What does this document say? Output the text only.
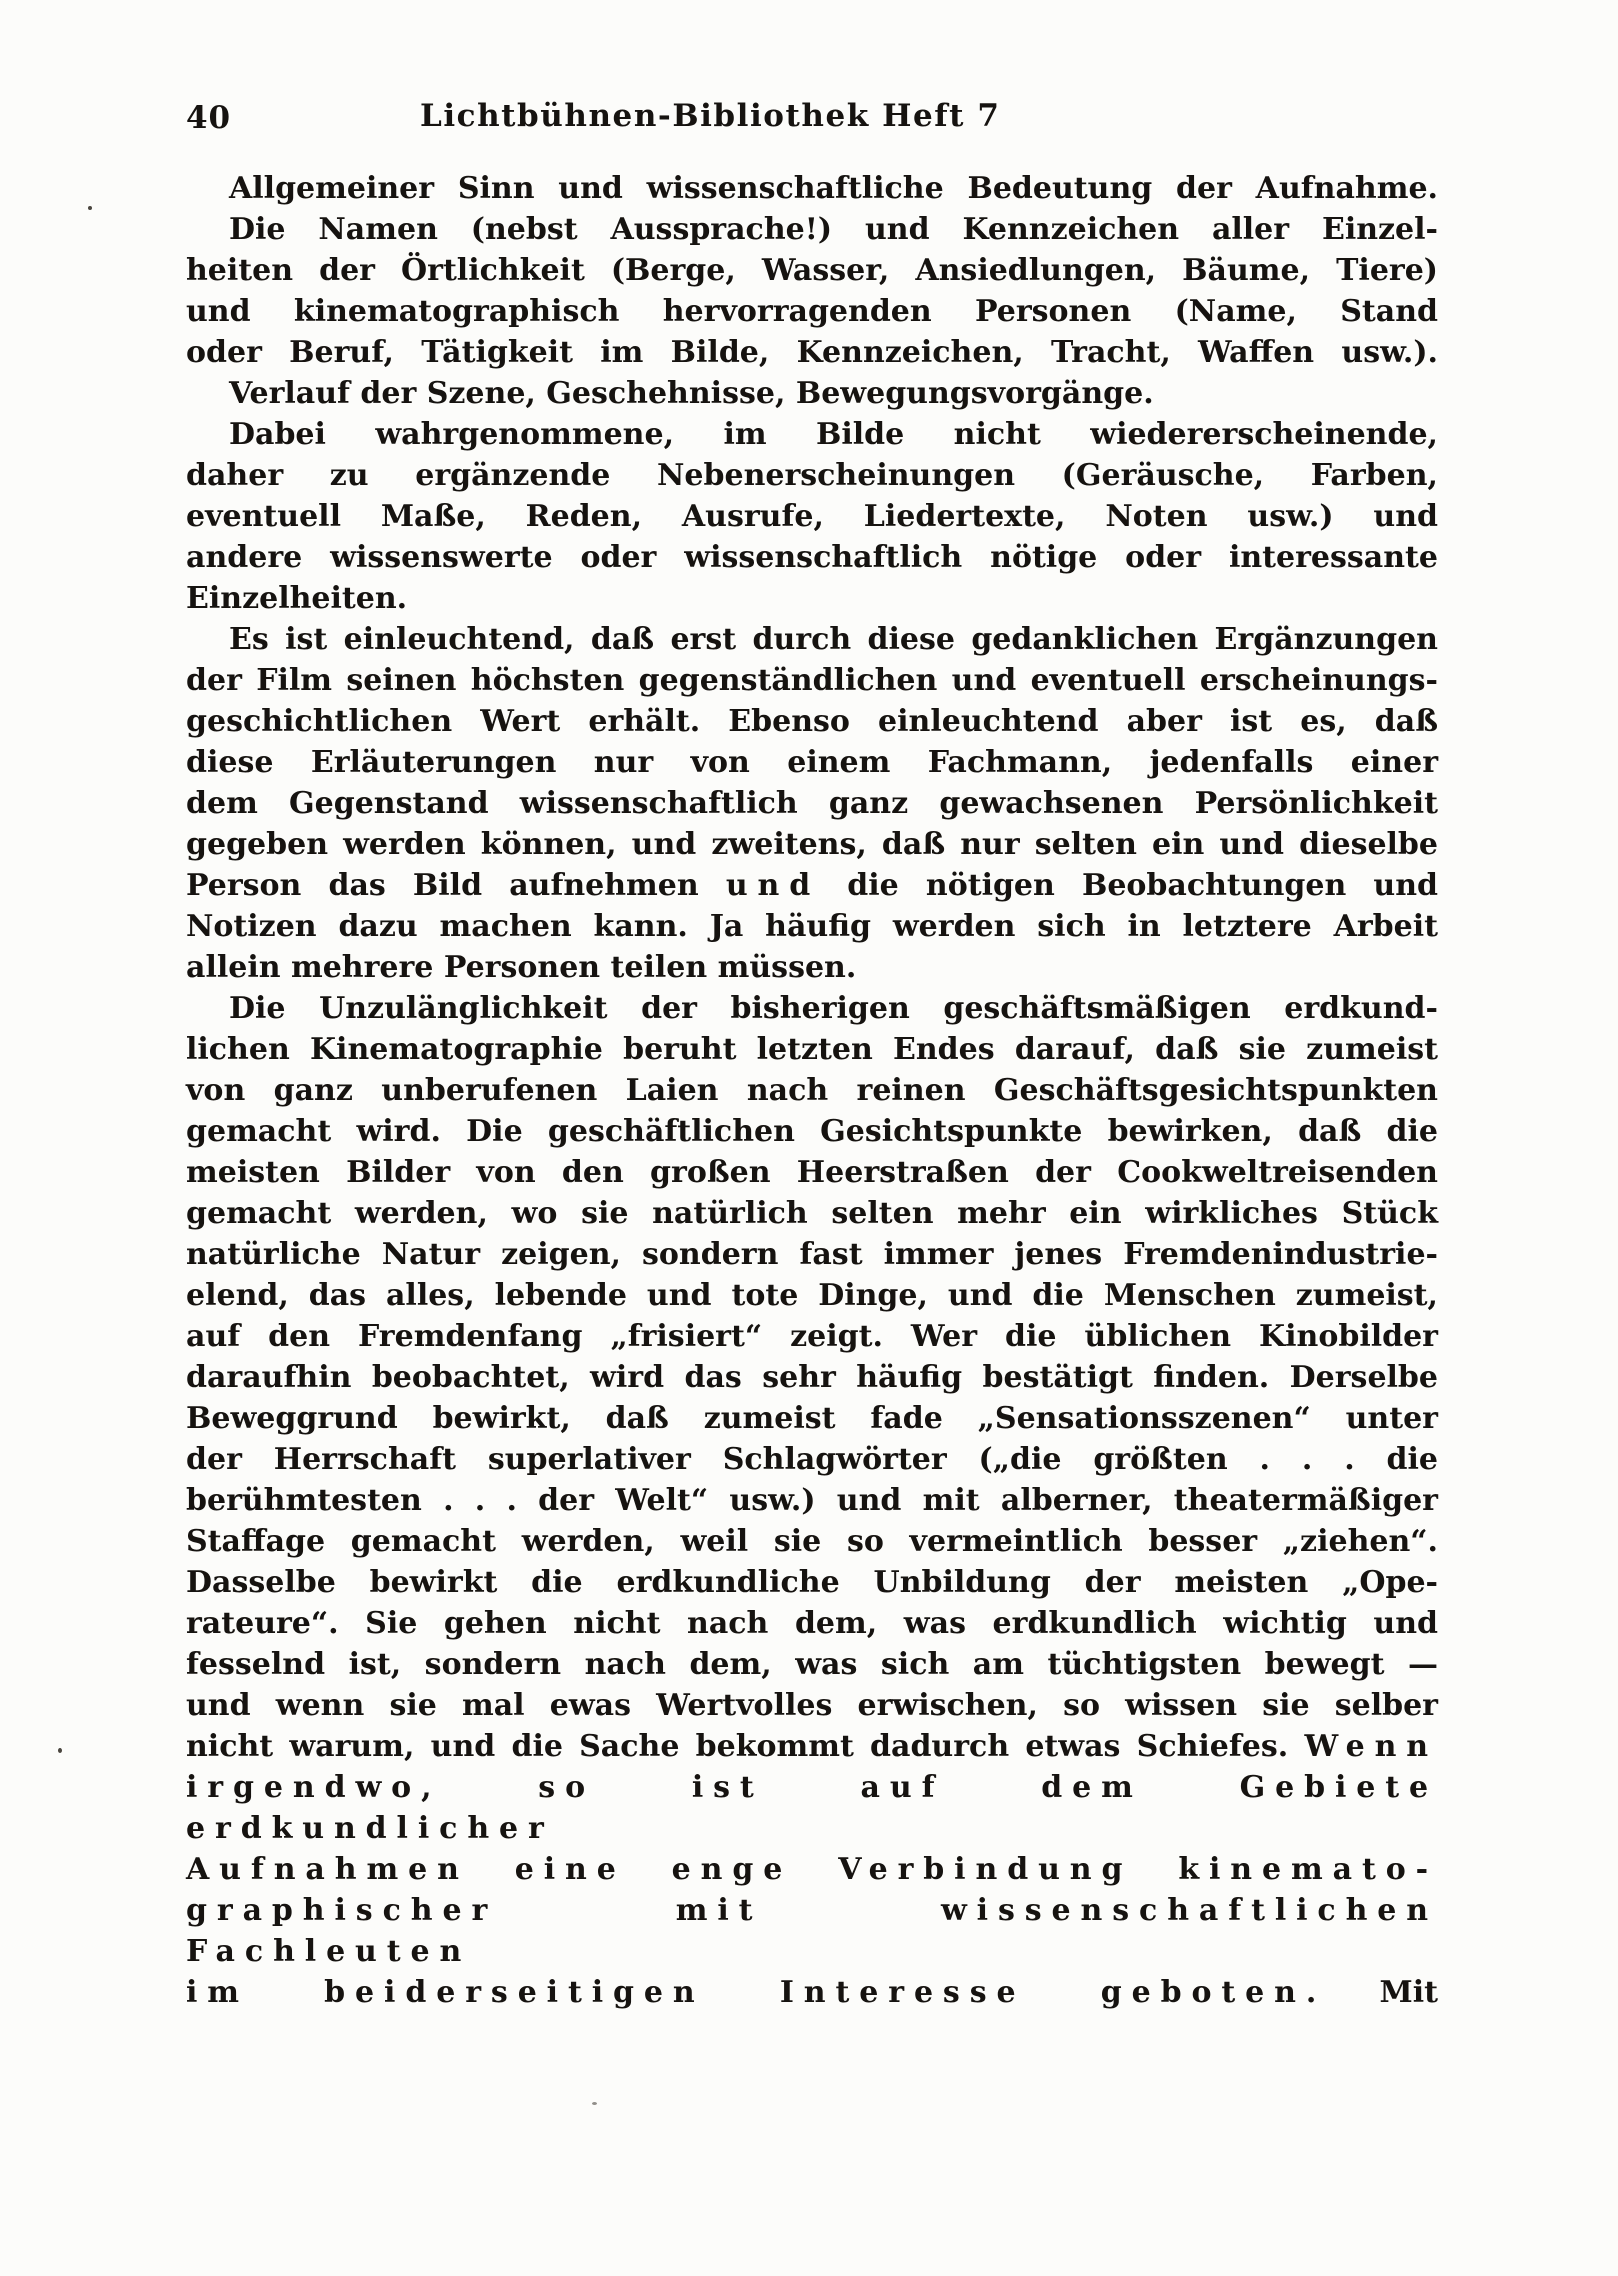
40	Lichtbühnen-Bibliothek Heft 7
Allgemeiner Sinn und wissenschaftliche Bedeutung der Aufnahme.
Die Namen (nebst Aussprache!) und Kennzeichen aller Einzel-
heiten der Örtlichkeit (Berge, Wasser, Ansiedlungen, Bäume, Tiere)
und kinematographisch hervorragenden Personen (Name, Stand
oder Beruf, Tätigkeit im Bilde, Kennzeichen, Tracht, Waffen usw.).
Verlauf der Szene, Geschehnisse, Bewegungsvorgänge.
Dabei wahrgenommene, im Bilde nicht wiedererscheinende,
daher zu ergänzende Nebenerscheinungen (Geräusche, Farben,
eventuell Maße, Reden, Ausrufe, Liedertexte, Noten usw.) und
andere wissenswerte oder wissenschaftlich nötige oder interessante
Einzelheiten.
Es ist einleuchtend, daß erst durch diese gedanklichen Ergänzungen
der Film seinen höchsten gegenständlichen und eventuell erscheinungs-
geschichtlichen Wert erhält. Ebenso einleuchtend aber ist es, daß
diese Erläuterungen nur von einem Fachmann, jedenfalls einer
dem Gegenstand wissenschaftlich ganz gewachsenen Persönlichkeit
gegeben werden können, und zweitens, daß nur selten ein und dieselbe
Person das Bild aufnehmen und die nötigen Beobachtungen und
Notizen dazu machen kann. Ja häufig werden sich in letztere Arbeit
allein mehrere Personen teilen müssen.
Die Unzulänglichkeit der bisherigen geschäftsmäßigen erdkund-
lichen Kinematographie beruht letzten Endes darauf, daß sie zumeist
von ganz unberufenen Laien nach reinen Geschäftsgesichtspunkten
gemacht wird. Die geschäftlichen Gesichtspunkte bewirken, daß die
meisten Bilder von den großen Heerstraßen der Cookweltreisenden
gemacht werden, wo sie natürlich selten mehr ein wirkliches Stück
natürliche Natur zeigen, sondern fast immer jenes Fremdenindustrie-
elend, das alles, lebende und tote Dinge, und die Menschen zumeist,
auf den Fremdenfang „frisiert“ zeigt. Wer die üblichen Kinobilder
daraufhin beobachtet, wird das sehr häufig bestätigt finden. Derselbe
Beweggrund bewirkt, daß zumeist fade „Sensationsszenen“ unter
der Herrschaft superlativer Schlagwörter („die größten . . . die
berühmtesten . . . der Welt“ usw.) und mit alberner, theatermäßiger
Staffage gemacht werden, weil sie so vermeintlich besser „ziehen“.
Dasselbe bewirkt die erdkundliche Unbildung der meisten „Ope-
rateure“. Sie gehen nicht nach dem, was erdkundlich wichtig und
fesselnd ist, sondern nach dem, was sich am tüchtigsten bewegt —
und wenn sie mal ewas Wertvolles erwischen, so wissen sie selber
nicht warum, und die Sache bekommt dadurch etwas Schiefes. Wenn
irgendwo, so ist auf dem Gebiete erdkundlicher
Aufnahmen eine enge Verbindung kinemato-
graphischer mit wissenschaftlichen Fachleuten
im beiderseitigen Interesse geboten. Mit
